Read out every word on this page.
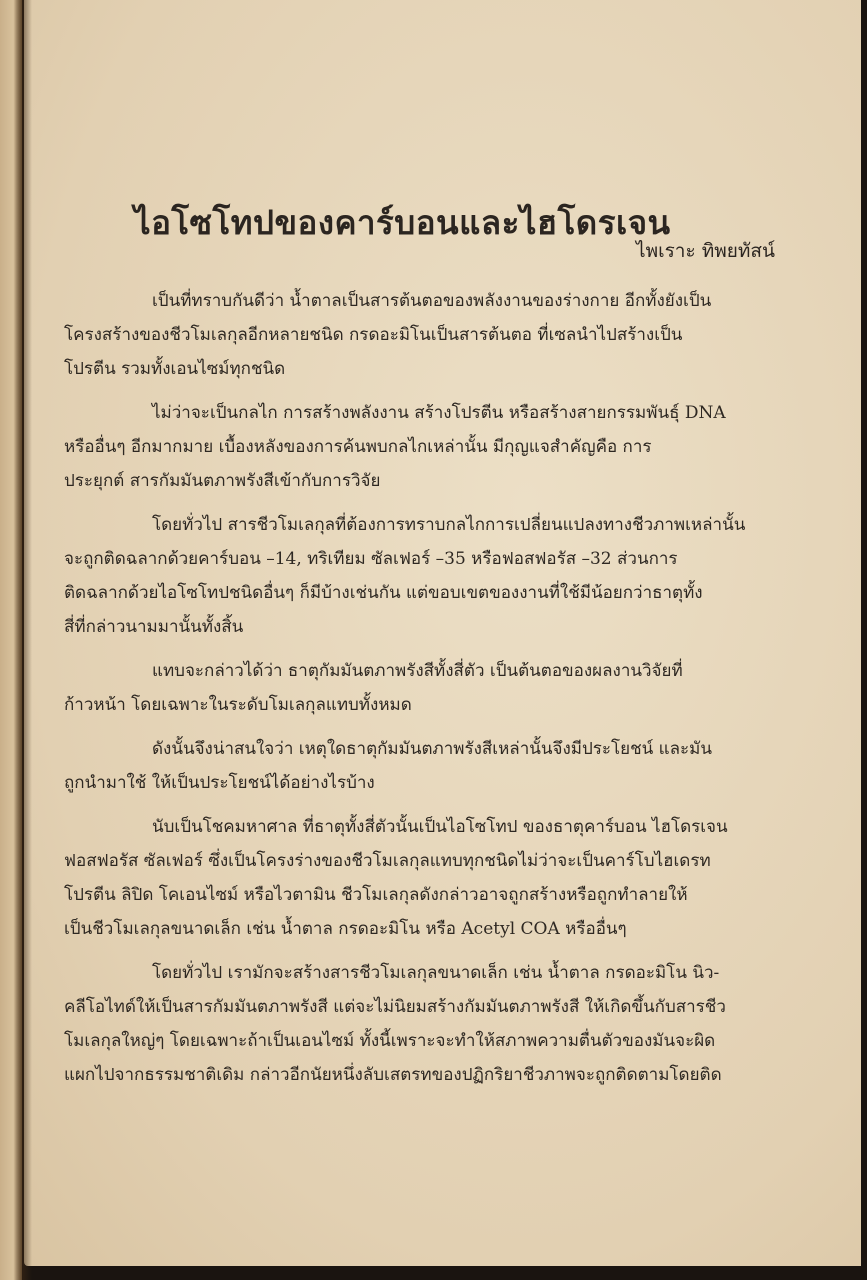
ไอโซโทปของคาร์บอนและไฮโดรเจน
ไพเราะ ทิพยทัสน์
เป็นที่ทราบกันดีว่า น้ำตาลเป็นสารต้นตอของพลังงานของร่างกาย อีกทั้งยังเป็น
โครงสร้างของชีวโมเลกุลอีกหลายชนิด กรดอะมิโนเป็นสารต้นตอ ที่เซลนำไปสร้างเป็น
โปรตีน รวมทั้งเอนไซม์ทุกชนิด
ไม่ว่าจะเป็นกลไก การสร้างพลังงาน สร้างโปรตีน หรือสร้างสายกรรมพันธุ์ DNA
หรืออื่นๆ อีกมากมาย เบื้องหลังของการค้นพบกลไกเหล่านั้น มีกุญแจสำคัญคือ การ
ประยุกต์ สารกัมมันตภาพรังสีเข้ากับการวิจัย
โดยทั่วไป สารชีวโมเลกุลที่ต้องการทราบกลไกการเปลี่ยนแปลงทางชีวภาพเหล่านั้น
จะถูกติดฉลากด้วยคาร์บอน –14, ทริเทียม ซัลเฟอร์ –35 หรือฟอสฟอรัส –32 ส่วนการ
ติดฉลากด้วยไอโซโทปชนิดอื่นๆ ก็มีบ้างเช่นกัน แต่ขอบเขตของงานที่ใช้มีน้อยกว่าธาตุทั้ง
สี่ที่กล่าวนามมานั้นทั้งสิ้น
แทบจะกล่าวได้ว่า ธาตุกัมมันตภาพรังสีทั้งสี่ตัว เป็นต้นตอของผลงานวิจัยที่
ก้าวหน้า โดยเฉพาะในระดับโมเลกุลแทบทั้งหมด
ดังนั้นจึงน่าสนใจว่า เหตุใดธาตุกัมมันตภาพรังสีเหล่านั้นจึงมีประโยชน์ และมัน
ถูกนำมาใช้ ให้เป็นประโยชน์ได้อย่างไรบ้าง
นับเป็นโชคมหาศาล ที่ธาตุทั้งสี่ตัวนั้นเป็นไอโซโทป ของธาตุคาร์บอน ไฮโดรเจน
ฟอสฟอรัส ซัลเฟอร์ ซึ่งเป็นโครงร่างของชีวโมเลกุลแทบทุกชนิดไม่ว่าจะเป็นคาร์โบไฮเดรท
โปรตีน ลิปิด โคเอนไซม์ หรือไวตามิน ชีวโมเลกุลดังกล่าวอาจถูกสร้างหรือถูกทำลายให้
เป็นชีวโมเลกุลขนาดเล็ก เช่น น้ำตาล กรดอะมิโน หรือ Acetyl COA หรืออื่นๆ
โดยทั่วไป เรามักจะสร้างสารชีวโมเลกุลขนาดเล็ก เช่น น้ำตาล กรดอะมิโน นิว-
คลีโอไทด์ให้เป็นสารกัมมันตภาพรังสี แต่จะไม่นิยมสร้างกัมมันตภาพรังสี ให้เกิดขึ้นกับสารชีว
โมเลกุลใหญ่ๆ โดยเฉพาะถ้าเป็นเอนไซม์ ทั้งนี้เพราะจะทำให้สภาพความตื่นตัวของมันจะผิด
แผกไปจากธรรมชาติเดิม กล่าวอีกนัยหนึ่งลับเสตรทของปฏิกริยาชีวภาพจะถูกติดตามโดยติด
